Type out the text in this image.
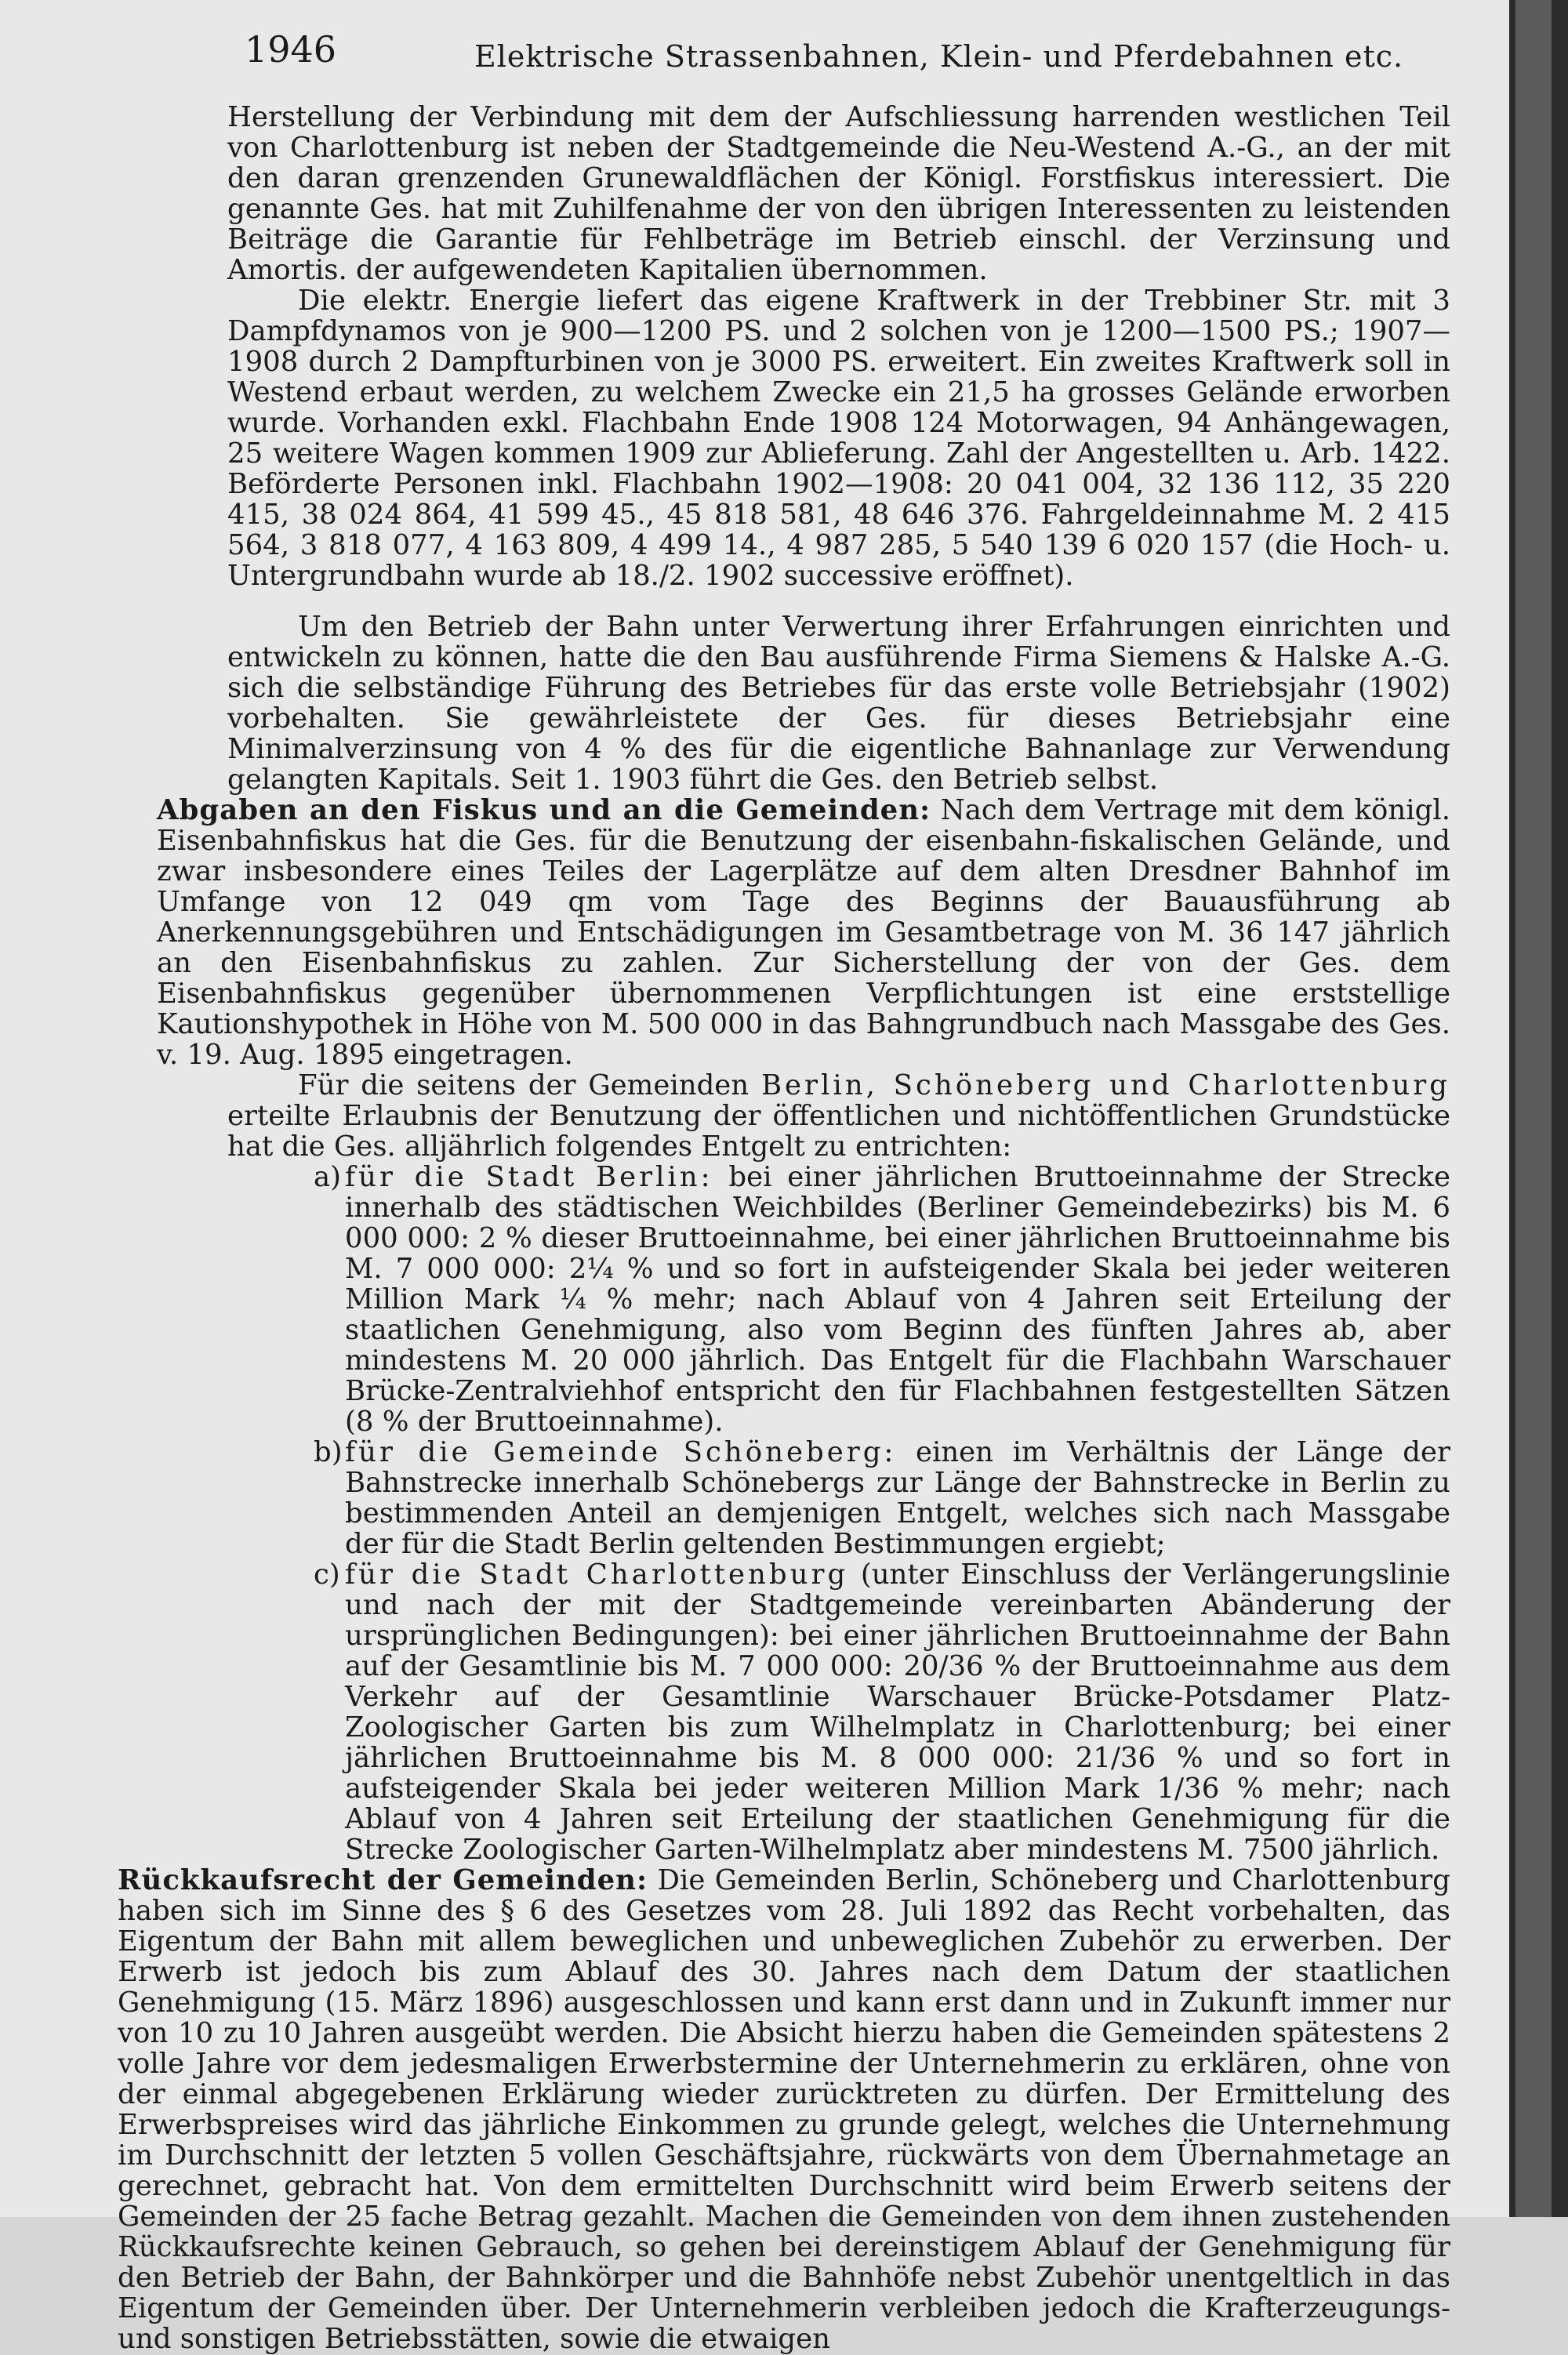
1946	Elektrische Strassenbahnen, Klein- und Pferdebahnen etc.

Herstellung der Verbindung mit dem der Aufschliessung harrenden westlichen Teil von Charlottenburg ist neben der Stadtgemeinde die Neu-Westend A.-G., an der mit den daran grenzenden Grunewaldflächen der Königl. Forstfiskus interessiert. Die genannte Ges. hat mit Zuhilfenahme der von den übrigen Interessenten zu leistenden Beiträge die Garantie für Fehlbeträge im Betrieb einschl. der Verzinsung und Amortis. der aufgewendeten Kapitalien übernommen.

Die elektr. Energie liefert das eigene Kraftwerk in der Trebbiner Str. mit 3 Dampfdynamos von je 900—1200 PS. und 2 solchen von je 1200—1500 PS.; 1907—1908 durch 2 Dampfturbinen von je 3000 PS. erweitert. Ein zweites Kraftwerk soll in Westend erbaut werden, zu welchem Zwecke ein 21,5 ha grosses Gelände erworben wurde. Vorhanden exkl. Flachbahn Ende 1908 124 Motorwagen, 94 Anhängewagen, 25 weitere Wagen kommen 1909 zur Ablieferung. Zahl der Angestellten u. Arb. 1422. Beförderte Personen inkl. Flachbahn 1902—1908: 20 041 004, 32 136 112, 35 220 415, 38 024 864, 41 599 45., 45 818 581, 48 646 376. Fahrgeldeinnahme M. 2 415 564, 3 818 077, 4 163 809, 4 499 14., 4 987 285, 5 540 139 6 020 157 (die Hoch- u. Untergrundbahn wurde ab 18./2. 1902 successive eröffnet).

Um den Betrieb der Bahn unter Verwertung ihrer Erfahrungen einrichten und entwickeln zu können, hatte die den Bau ausführende Firma Siemens & Halske A.-G. sich die selbständige Führung des Betriebes für das erste volle Betriebsjahr (1902) vorbehalten. Sie gewährleistete der Ges. für dieses Betriebsjahr eine Minimalverzinsung von 4 % des für die eigentliche Bahnanlage zur Verwendung gelangten Kapitals. Seit 1. 1903 führt die Ges. den Betrieb selbst.

Abgaben an den Fiskus und an die Gemeinden: Nach dem Vertrage mit dem königl. Eisenbahnfiskus hat die Ges. für die Benutzung der eisenbahn-fiskalischen Gelände, und zwar insbesondere eines Teiles der Lagerplätze auf dem alten Dresdner Bahnhof im Umfange von 12 049 qm vom Tage des Beginns der Bauausführung ab Anerkennungsgebühren und Entschädigungen im Gesamtbetrage von M. 36 147 jährlich an den Eisenbahnfiskus zu zahlen. Zur Sicherstellung der von der Ges. dem Eisenbahnfiskus gegenüber übernommenen Verpflichtungen ist eine erststellige Kautionshypothek in Höhe von M. 500 000 in das Bahngrundbuch nach Massgabe des Ges. v. 19. Aug. 1895 eingetragen.

Für die seitens der Gemeinden Berlin, Schöneberg und Charlottenburg erteilte Erlaubnis der Benutzung der öffentlichen und nichtöffentlichen Grundstücke hat die Ges. alljährlich folgendes Entgelt zu entrichten:

a) für die Stadt Berlin: bei einer jährlichen Bruttoeinnahme der Strecke innerhalb des städtischen Weichbildes (Berliner Gemeindebezirks) bis M. 6 000 000: 2 % dieser Bruttoeinnahme, bei einer jährlichen Bruttoeinnahme bis M. 7 000 000: 2¼ % und so fort in aufsteigender Skala bei jeder weiteren Million Mark ¼ % mehr; nach Ablauf von 4 Jahren seit Erteilung der staatlichen Genehmigung, also vom Beginn des fünften Jahres ab, aber mindestens M. 20 000 jährlich. Das Entgelt für die Flachbahn Warschauer Brücke-Zentralviehhof entspricht den für Flachbahnen festgestellten Sätzen (8 % der Bruttoeinnahme).

b) für die Gemeinde Schöneberg: einen im Verhältnis der Länge der Bahnstrecke innerhalb Schönebergs zur Länge der Bahnstrecke in Berlin zu bestimmenden Anteil an demjenigen Entgelt, welches sich nach Massgabe der für die Stadt Berlin geltenden Bestimmungen ergiebt;

c) für die Stadt Charlottenburg (unter Einschluss der Verlängerungslinie und nach der mit der Stadtgemeinde vereinbarten Abänderung der ursprünglichen Bedingungen): bei einer jährlichen Bruttoeinnahme der Bahn auf der Gesamtlinie bis M. 7 000 000: 20/36 % der Bruttoeinnahme aus dem Verkehr auf der Gesamtlinie Warschauer Brücke-Potsdamer Platz-Zoologischer Garten bis zum Wilhelmplatz in Charlottenburg; bei einer jährlichen Bruttoeinnahme bis M. 8 000 000: 21/36 % und so fort in aufsteigender Skala bei jeder weiteren Million Mark 1/36 % mehr; nach Ablauf von 4 Jahren seit Erteilung der staatlichen Genehmigung für die Strecke Zoologischer Garten-Wilhelmplatz aber mindestens M. 7500 jährlich.

Rückkaufsrecht der Gemeinden: Die Gemeinden Berlin, Schöneberg und Charlottenburg haben sich im Sinne des § 6 des Gesetzes vom 28. Juli 1892 das Recht vorbehalten, das Eigentum der Bahn mit allem beweglichen und unbeweglichen Zubehör zu erwerben. Der Erwerb ist jedoch bis zum Ablauf des 30. Jahres nach dem Datum der staatlichen Genehmigung (15. März 1896) ausgeschlossen und kann erst dann und in Zukunft immer nur von 10 zu 10 Jahren ausgeübt werden. Die Absicht hierzu haben die Gemeinden spätestens 2 volle Jahre vor dem jedesmaligen Erwerbstermine der Unternehmerin zu erklären, ohne von der einmal abgegebenen Erklärung wieder zurücktreten zu dürfen. Der Ermittelung des Erwerbspreises wird das jährliche Einkommen zu grunde gelegt, welches die Unternehmung im Durchschnitt der letzten 5 vollen Geschäftsjahre, rückwärts von dem Übernahmetage an gerechnet, gebracht hat. Von dem ermittelten Durchschnitt wird beim Erwerb seitens der Gemeinden der 25 fache Betrag gezahlt. Machen die Gemeinden von dem ihnen zustehenden Rückkaufsrechte keinen Gebrauch, so gehen bei dereinstigem Ablauf der Genehmigung für den Betrieb der Bahn, der Bahnkörper und die Bahnhöfe nebst Zubehör unentgeltlich in das Eigentum der Gemeinden über. Der Unternehmerin verbleiben jedoch die Krafterzeugungs- und sonstigen Betriebsstätten, sowie die etwaigen
